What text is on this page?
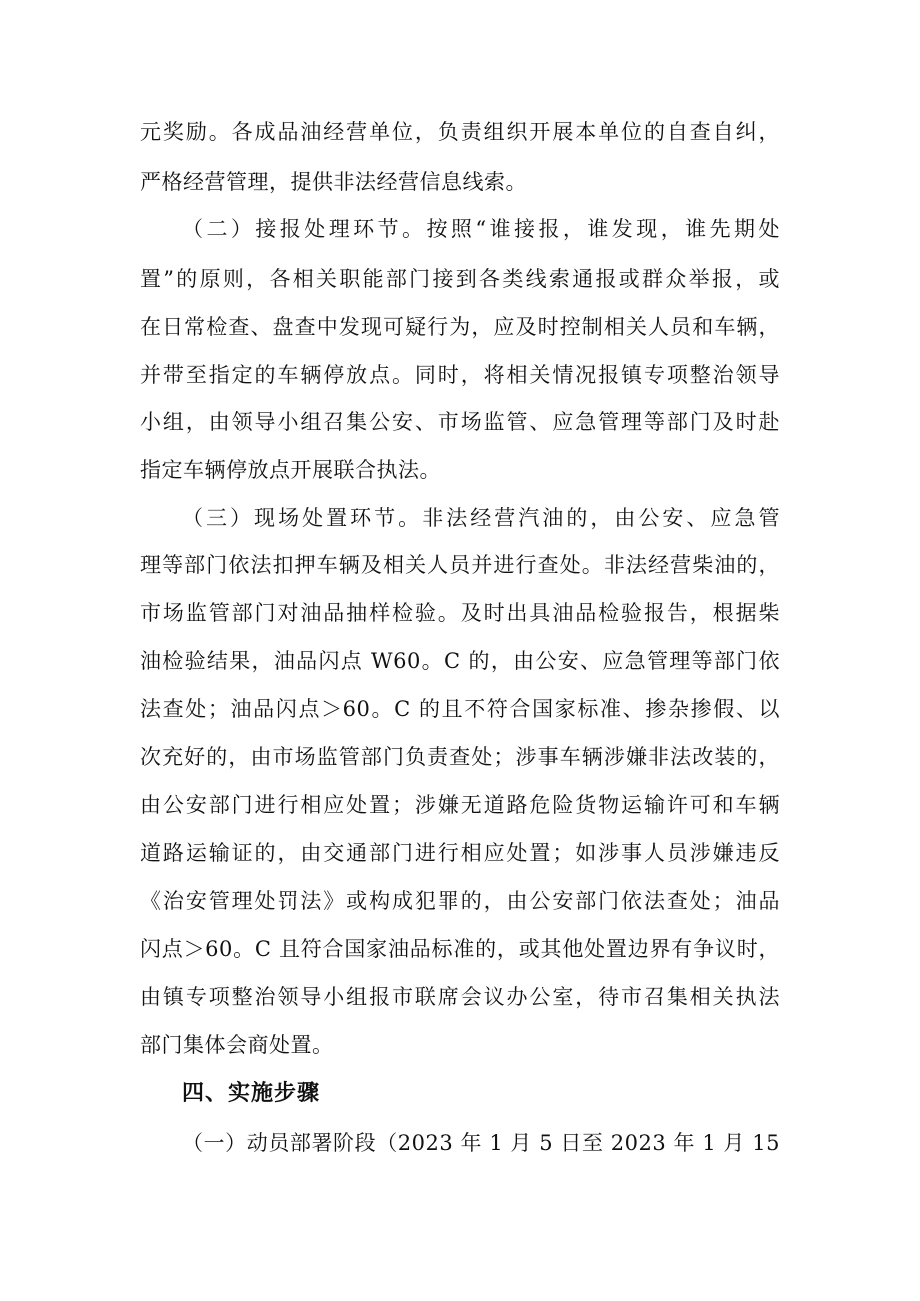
元奖励。各成品油经营单位，负责组织开展本单位的自查自纠，
严格经营管理，提供非法经营信息线索。
（二）接报处理环节。按照“谁接报，谁发现，谁先期处
置”的原则，各相关职能部门接到各类线索通报或群众举报，或
在日常检查、盘查中发现可疑行为，应及时控制相关人员和车辆，
并带至指定的车辆停放点。同时，将相关情况报镇专项整治领导
小组，由领导小组召集公安、市场监管、应急管理等部门及时赴
指定车辆停放点开展联合执法。
（三）现场处置环节。非法经营汽油的，由公安、应急管
理等部门依法扣押车辆及相关人员并进行查处。非法经营柴油的，
市场监管部门对油品抽样检验。及时出具油品检验报告，根据柴
油检验结果，油品闪点 W60。C 的，由公安、应急管理等部门依
法查处；油品闪点＞60。C 的且不符合国家标准、掺杂掺假、以
次充好的，由市场监管部门负责查处；涉事车辆涉嫌非法改装的，
由公安部门进行相应处置；涉嫌无道路危险货物运输许可和车辆
道路运输证的，由交通部门进行相应处置；如涉事人员涉嫌违反
《治安管理处罚法》或构成犯罪的，由公安部门依法查处；油品
闪点＞60。C 且符合国家油品标准的，或其他处置边界有争议时，
由镇专项整治领导小组报市联席会议办公室，待市召集相关执法
部门集体会商处置。
四、实施步骤
（一）动员部署阶段（2023 年 1 月 5 日至 2023 年 1 月 15
